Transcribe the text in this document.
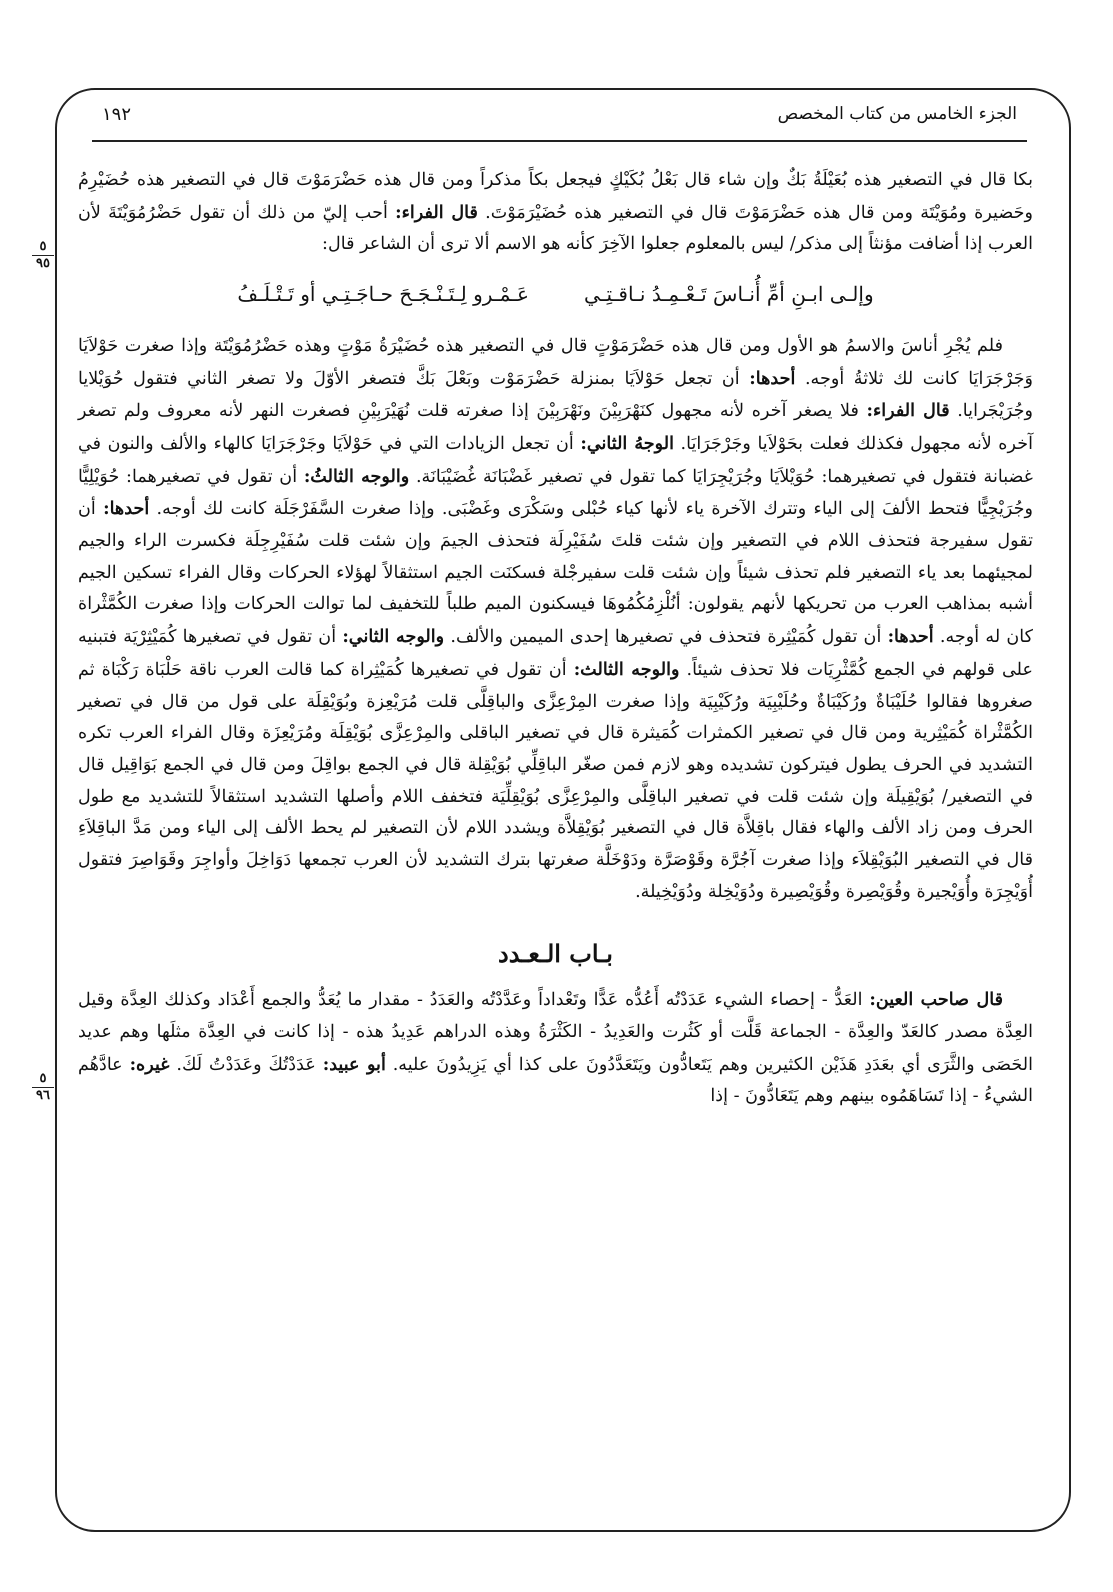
الجزء الخامس من كتاب المخصص
١٩٢
٥
٩٥
٥
٩٦

بكا قال في التصغير هذه بُعَيْلَةُ بَكٌ وإن شاء قال بَعْلُ بُكَيْكٍ فيجعل بكاً مذكراً ومن قال هذه حَضْرَمَوْتَ قال في التصغير هذه حُضَيْرِمُ وحَضيرة ومُوَيْتَة ومن قال هذه حَضْرَمَوْتَ قال في التصغير هذه حُضَيْرَمَوْتَ. قال الفراء: أحب إليّ من ذلك أن تقول حَضْرُمُوَيْتَةَ لأن العرب إذا أضافت مؤنثاً إلى مذكر/ ليس بالمعلوم جعلوا الآخِرَ كأنه هو الاسم ألا ترى أن الشاعر قال:

وإلـى ابـنِ أمِّ أُنـاسَ تَـعْـمِـدُ نـاقـتِـي
عَـمْـرو لِـتَـنْـجَـحَ حـاجَـتِـي أو تَـتْـلَـفُ

فلم يُجْرِ أناسَ والاسمُ هو الأول ومن قال هذه حَضْرَمَوْتٍ قال في التصغير هذه حُضَيْرَةُ مَوْتٍ وهذه حَضْرُمُوَيْتَة وإذا صغرت حَوْلاَيَا وَجَرْجَرَايَا كانت لك ثلاثةُ أوجه. أحدها: أن تجعل حَوْلاَيَا بمنزلة حَضْرَمَوْت وبَعْلَ بَكَّ فتصغر الأوّلَ ولا تصغر الثاني فتقول حُوَيْلايا وجُرَيْجَرايا. قال الفراء: فلا يصغر آخره لأنه مجهول كنَهْرَبِيْنَ ونَهْرَبِيْنَ إذا صغرته قلت نُهَيْرَبِيْنِ فصغرت النهر لأنه معروف ولم تصغر آخره لأنه مجهول فكذلك فعلت بحَوْلاَيا وجَرْجَرَايَا. الوجهُ الثاني: أن تجعل الزيادات التي في حَوْلاَيَا وجَرْجَرَايَا كالهاء والألف والنون في غضبانة فتقول في تصغيرهما: حُوَيْلاَيَا وجُرَيْجِرَايَا كما تقول في تصغير غَضْبَانَة غُضَيْبَانَة. والوجه الثالثُ: أن تقول في تصغيرهما: حُوَيْلِيًّا وجُرَيْجِيًّا فتحط الألفَ إلى الياء وتترك الآخرة ياء لأنها كياء حُبْلى وسَكْرَى وغَضْبَى. وإذا صغرت السَّفَرْجَلَة كانت لك أوجه. أحدها: أن تقول سفيرجة فتحذف اللام في التصغير وإن شئت قلتَ سُفَيْرِلَة فتحذف الجيمَ وإن شئت قلت سُفَيْرِجِلَة فكسرت الراء والجيم لمجيئهما بعد ياء التصغير فلم تحذف شيئاً وإن شئت قلت سفيرجْلة فسكنَت الجيم استثقالاً لهؤلاء الحركات وقال الفراء تسكين الجيم أشبه بمذاهب العرب من تحريكها لأنهم يقولون: أنُلْزِمُكُمُوهَا فيسكنون الميم طلباً للتخفيف لما توالت الحركات وإذا صغرت الكُمَّثْراة كان له أوجه. أحدها: أن تقول كُمَيْثِرة فتحذف في تصغيرها إحدى الميمين والألف. والوجه الثاني: أن تقول في تصغيرها كُمَيْثِرْيَة فتبنيه على قولهم في الجمع كُمَّثْرِيَات فلا تحذف شيئاً. والوجه الثالث: أن تقول في تصغيرها كُمَيْثِراة كما قالت العرب ناقة حَلْبَاة رَكْبَاة ثم صغروها فقالوا حُلَيْبَاةٌ ورُكَيْبَاةٌ وحُلَيْبِيَة ورُكَيْبِيَة وإذا صغرت المِرْعِزَّى والباقِلَّى قلت مُرَيْعِزة وبُوَيْقِلَة على قول من قال في تصغير الكُمَّثْراة كُمَيْثِرية ومن قال في تصغير الكمثرات كُمَيثرة قال في تصغير الباقلى والمِرْعِزَّى بُوَيْقِلَة ومُرَيْعِزَة وقال الفراء العرب تكره التشديد في الحرف يطول فيتركون تشديده وهو لازم فمن صغّر الباقِلِّي بُوَيْقِلة قال في الجمع بواقِلَ ومن قال في الجمع بَوَاقِيل قال في التصغير/ بُوَيْقِيلَة وإن شئت قلت في تصغير الباقِلَّى والمِرْعِزَّى بُوَيْقِلِّيَة فتخفف اللام وأصلها التشديد استثقالاً للتشديد مع طول الحرف ومن زاد الألف والهاء فقال باقِلاَّة قال في التصغير بُوَيْقِلاَّة ويشدد اللام لأن التصغير لم يحط الألف إلى الياء ومن مَدَّ الباقِلاَءِ قال في التصغير البُوَيْقِلاَء وإذا صغرت آجُرَّة وقَوْصَرَّة ودَوْخَلَّة صغرتها بترك التشديد لأن العرب تجمعها دَوَاخِلَ وأواجِرَ وقَوَاصِرَ فتقول أُوَيْجِرَة وأُوَيْجيرة وقُوَيْصِرة وقُوَيْصِيرة ودُوَيْخِلة ودُوَيْخِيلة.

بـاب الـعـدد

قال صاحب العين: العَدُّ - إحصاء الشيء عَدَدْتُه أَعُدُّه عَدًّا وتَعْداداً وعَدَّدْتُه والعَدَدُ - مقدار ما يُعَدُّ والجمع أَعْدَاد وكذلك العِدَّة وقيل العِدَّة مصدر كالعَدّ والعِدَّة - الجماعة قَلَّت أو كَثُرت والعَدِيدُ - الكَثْرَةُ وهذه الدراهم عَدِيدُ هذه - إذا كانت في العِدَّة مثلَها وهم عديد الحَصَى والثَّرَى أي بعَدَدِ هَذَيْن الكثيرين وهم يَتَعادُّون ويَتَعَدَّدُونَ على كذا أي يَزِيدُونَ عليه. أبو عبيد: عَدَدْتُكَ وعَدَدْتُ لَكَ. غيره: عادَّهُم الشيءُ - إذا تَسَاهَمُوه بينهم وهم يَتَعَادُّونَ - إذا
